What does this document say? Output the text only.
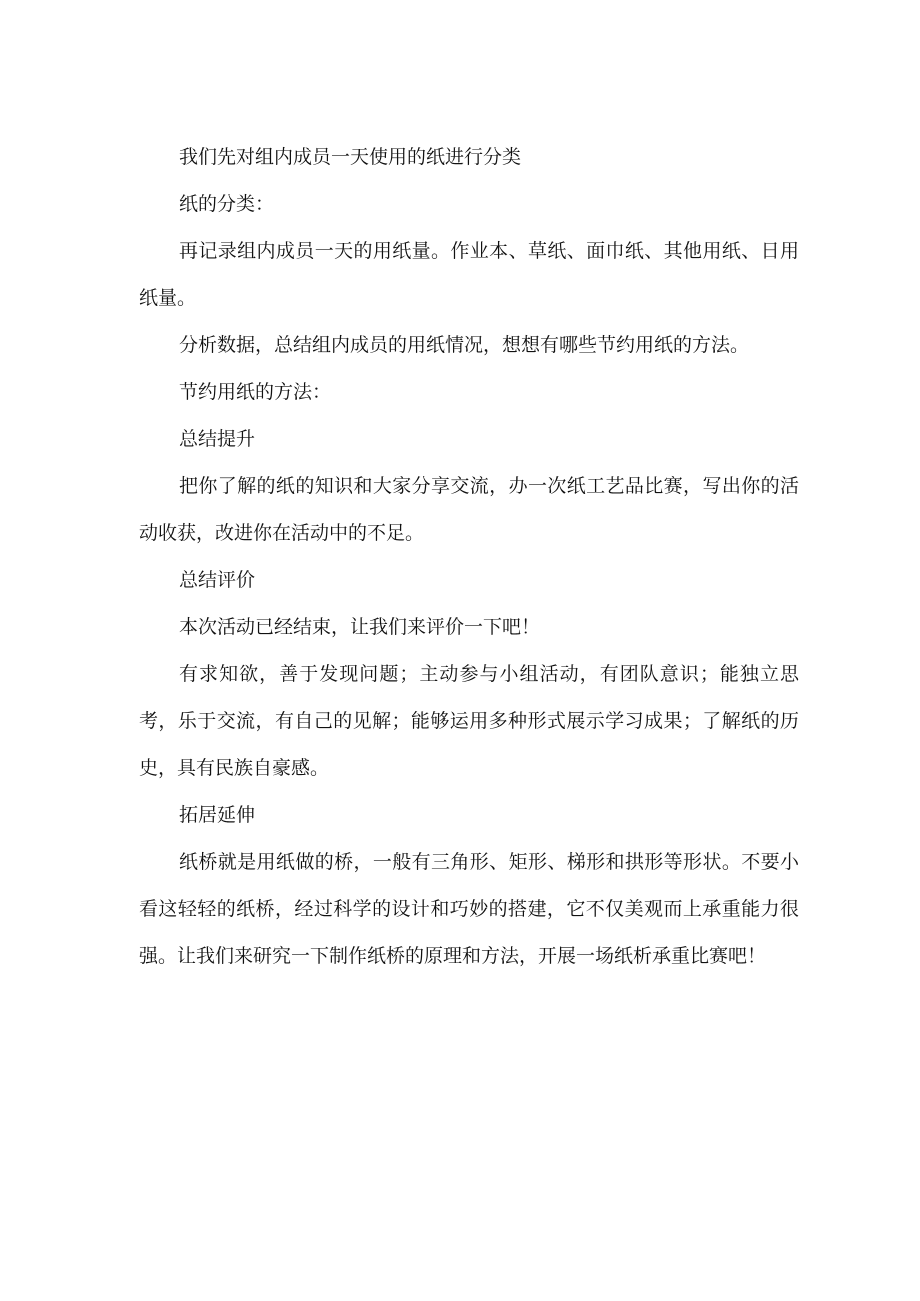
我们先对组内成员一天使用的纸进行分类

纸的分类：

再记录组内成员一天的用纸量。作业本、草纸、面巾纸、其他用纸、日用纸量。

分析数据，总结组内成员的用纸情况，想想有哪些节约用纸的方法。

节约用纸的方法：

总结提升

把你了解的纸的知识和大家分享交流，办一次纸工艺品比赛，写出你的活动收获，改进你在活动中的不足。

总结评价

本次活动已经结束，让我们来评价一下吧！

有求知欲，善于发现问题；主动参与小组活动，有团队意识；能独立思考，乐于交流，有自己的见解；能够运用多种形式展示学习成果；了解纸的历史，具有民族自豪感。

拓居延伸

纸桥就是用纸做的桥，一般有三角形、矩形、梯形和拱形等形状。不要小看这轻轻的纸桥，经过科学的设计和巧妙的搭建，它不仅美观而上承重能力很强。让我们来研究一下制作纸桥的原理和方法，开展一场纸析承重比赛吧！
